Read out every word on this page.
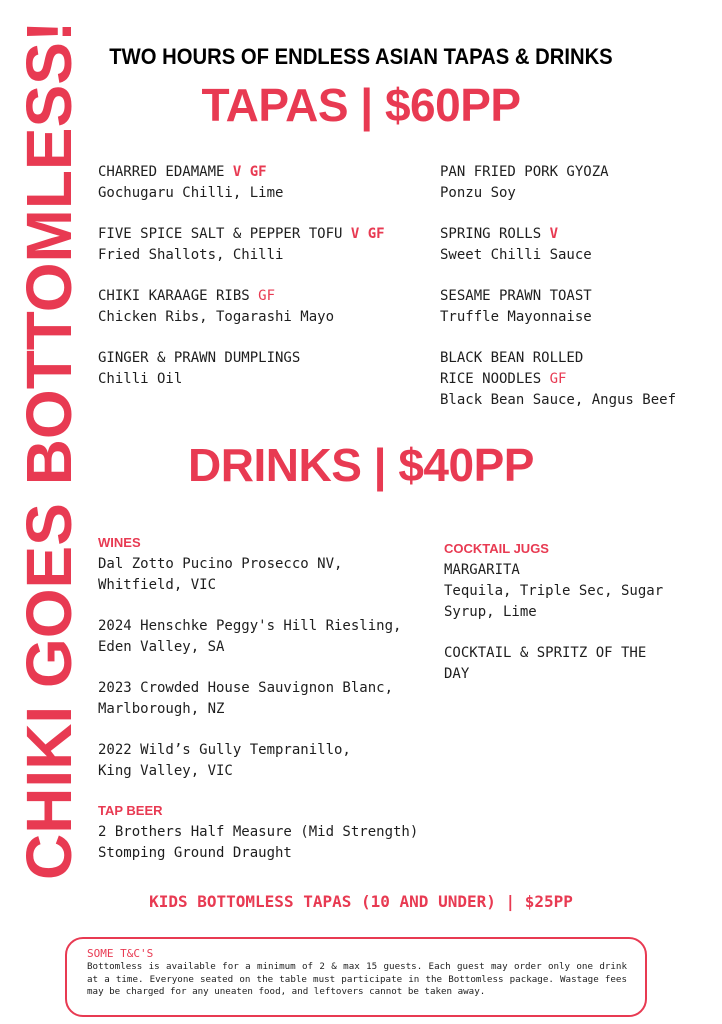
TWO HOURS OF ENDLESS ASIAN TAPAS & DRINKS
TAPAS | $60PP
CHIKI GOES BOTTOMLESS! CHARRED EDAMAME V GF
Gochugaru Chilli, Lime
FIVE SPICE SALT & PEPPER TOFU V GF
Fried Shallots, Chilli
CHIKI KARAAGE RIBS GF
Chicken Ribs, Togarashi Mayo
GINGER & PRAWN DUMPLINGS
Chilli Oil
PAN FRIED PORK GYOZA
Ponzu Soy
SPRING ROLLS V
Sweet Chilli Sauce
SESAME PRAWN TOAST
Truffle Mayonnaise
BLACK BEAN ROLLED
RICE NOODLES GF
Black Bean Sauce, Angus Beef
DRINKS | $40PP
WINES
Dal Zotto Pucino Prosecco NV,
Whitfield, VIC
2024 Henschke Peggy's Hill Riesling,
Eden Valley, SA
2023 Crowded House Sauvignon Blanc,
Marlborough, NZ
2022 Wild’s Gully Tempranillo,
King Valley, VIC
TAP BEER
2 Brothers Half Measure (Mid Strength)
Stomping Ground Draught
COCKTAIL JUGS
MARGARITA
Tequila, Triple Sec, Sugar
Syrup, Lime
COCKTAIL & SPRITZ OF THE
DAY
KIDS BOTTOMLESS TAPAS (10 AND UNDER) | $25PP
SOME T&C'S
Bottomless is available for a minimum of 2 & max 15 guests. Each guest may order only one drink at a time. Everyone seated on the table must participate in the Bottomless package. Wastage fees may be charged for any uneaten food, and leftovers cannot be taken away.
